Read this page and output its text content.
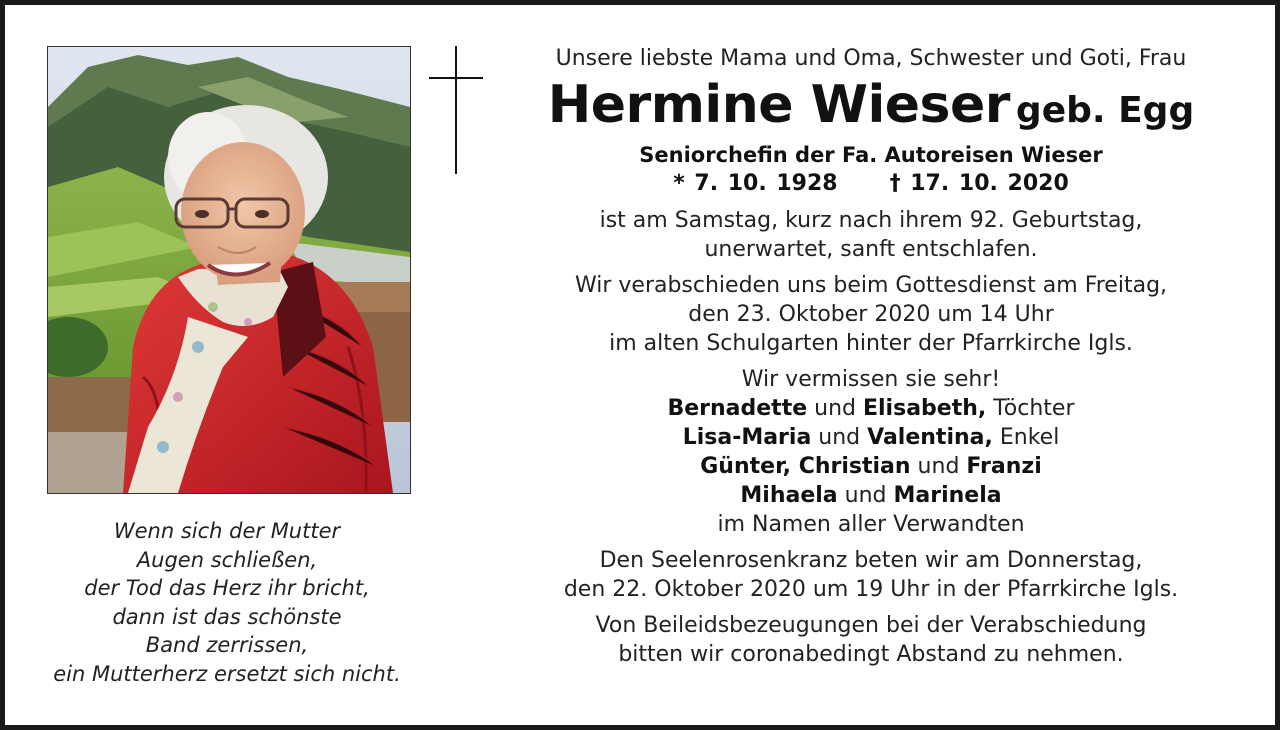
Wenn sich der Mutter
Augen schließen,
der Tod das Herz ihr bricht,
dann ist das schönste
Band zerrissen,
ein Mutterherz ersetzt sich nicht.
Unsere liebste Mama und Oma, Schwester und Goti, Frau
Hermine Wieser geb. Egg
Seniorchefin der Fa. Autoreisen Wieser
* 7. 10. 1928 † 17. 10. 2020
ist am Samstag, kurz nach ihrem 92. Geburtstag,
unerwartet, sanft entschlafen.
Wir verabschieden uns beim Gottesdienst am Freitag,
den 23. Oktober 2020 um 14 Uhr
im alten Schulgarten hinter der Pfarrkirche Igls.
Wir vermissen sie sehr!
Bernadette und Elisabeth, Töchter
Lisa-Maria und Valentina, Enkel
Günter, Christian und Franzi
Mihaela und Marinela
im Namen aller Verwandten
Den Seelenrosenkranz beten wir am Donnerstag,
den 22. Oktober 2020 um 19 Uhr in der Pfarrkirche Igls.
Von Beileidsbezeugungen bei der Verabschiedung
bitten wir coronabedingt Abstand zu nehmen.
